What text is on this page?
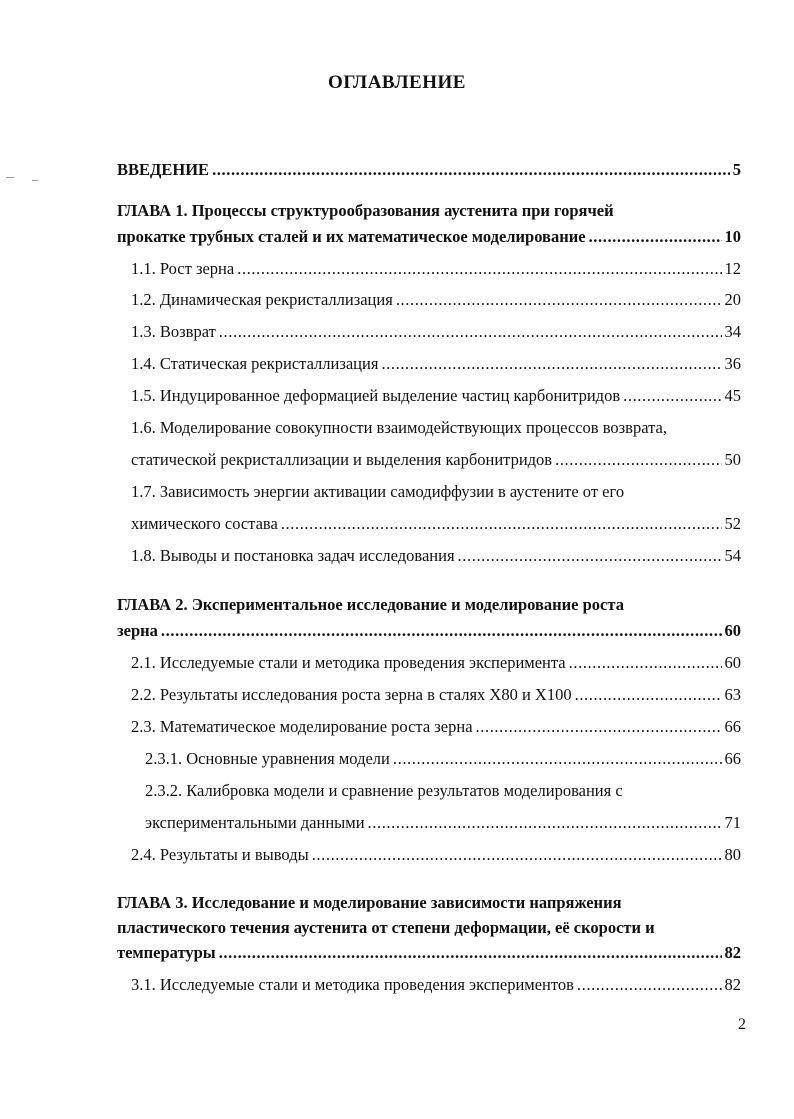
ОГЛАВЛЕНИЕ
ВВЕДЕНИЕ .....	5
ГЛАВА 1. Процессы структурообразования аустенита при горячей
прокатке трубных сталей и их математическое моделирование .....	10
1.1. Рост зерна .....	12
1.2. Динамическая рекристаллизация .....	20
1.3. Возврат .....	34
1.4. Статическая рекристаллизация .....	36
1.5. Индуцированное деформацией выделение частиц карбонитридов .....	45
1.6. Моделирование совокупности взаимодействующих процессов возврата,
статической рекристаллизации и выделения карбонитридов .....	50
1.7. Зависимость энергии активации самодиффузии в аустените от его
химического состава .....	52
1.8. Выводы и постановка задач исследования .....	54
ГЛАВА 2. Экспериментальное исследование и моделирование роста
зерна .....	60
2.1. Исследуемые стали и методика проведения эксперимента .....	60
2.2. Результаты исследования роста зерна в сталях X80 и X100 .....	63
2.3. Математическое моделирование роста зерна .....	66
2.3.1. Основные уравнения модели .....	66
2.3.2. Калибровка модели и сравнение результатов моделирования с
экспериментальными данными .....	71
2.4. Результаты и выводы .....	80
ГЛАВА 3. Исследование и моделирование зависимости напряжения
пластического течения аустенита от степени деформации, её скорости и
температуры .....	82
3.1. Исследуемые стали и методика проведения экспериментов .....	82
2
